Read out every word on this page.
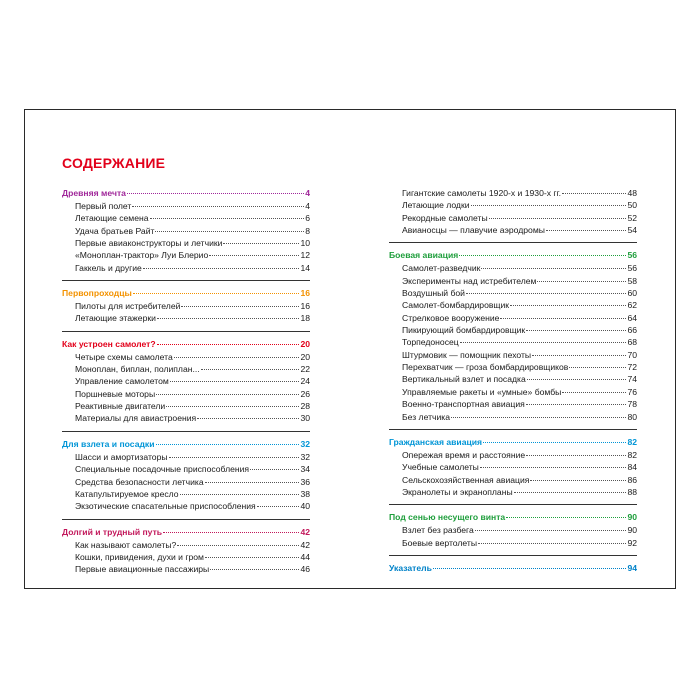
СОДЕРЖАНИЕ
Древняя мечта	4
Первый полет	4
Летающие семена	6
Удача братьев Райт	8
Первые авиаконструкторы и летчики	10
«Моноплан-трактор» Луи Блерио	12
Гаккель и другие	14
Первопроходцы	16
Пилоты для истребителей	16
Летающие этажерки	18
Как устроен самолет?	20
Четыре схемы самолета	20
Моноплан, биплан, полиплан...	22
Управление самолетом	24
Поршневые моторы	26
Реактивные двигатели	28
Материалы для авиастроения	30
Для взлета и посадки	32
Шасси и амортизаторы	32
Специальные посадочные приспособления	34
Средства безопасности летчика	36
Катапультируемое кресло	38
Экзотические спасательные приспособления	40
Долгий и трудный путь	42
Как называют самолеты?	42
Кошки, привидения, духи и гром	44
Первые авиационные пассажиры	46
Гигантские самолеты 1920-х и 1930-х гг.	48
Летающие лодки	50
Рекордные самолеты	52
Авианосцы — плавучие аэродромы	54
Боевая авиация	56
Самолет-разведчик	56
Эксперименты над истребителем	58
Воздушный бой	60
Самолет-бомбардировщик	62
Стрелковое вооружение	64
Пикирующий бомбардировщик	66
Торпедоносец	68
Штурмовик — помощник пехоты	70
Перехватчик — гроза бомбардировщиков	72
Вертикальный взлет и посадка	74
Управляемые ракеты и «умные» бомбы	76
Военно-транспортная авиация	78
Без летчика	80
Гражданская авиация	82
Опережая время и расстояние	82
Учебные самолеты	84
Сельскохозяйственная авиация	86
Экранолеты и экранопланы	88
Под сенью несущего винта	90
Взлет без разбега	90
Боевые вертолеты	92
Указатель	94
